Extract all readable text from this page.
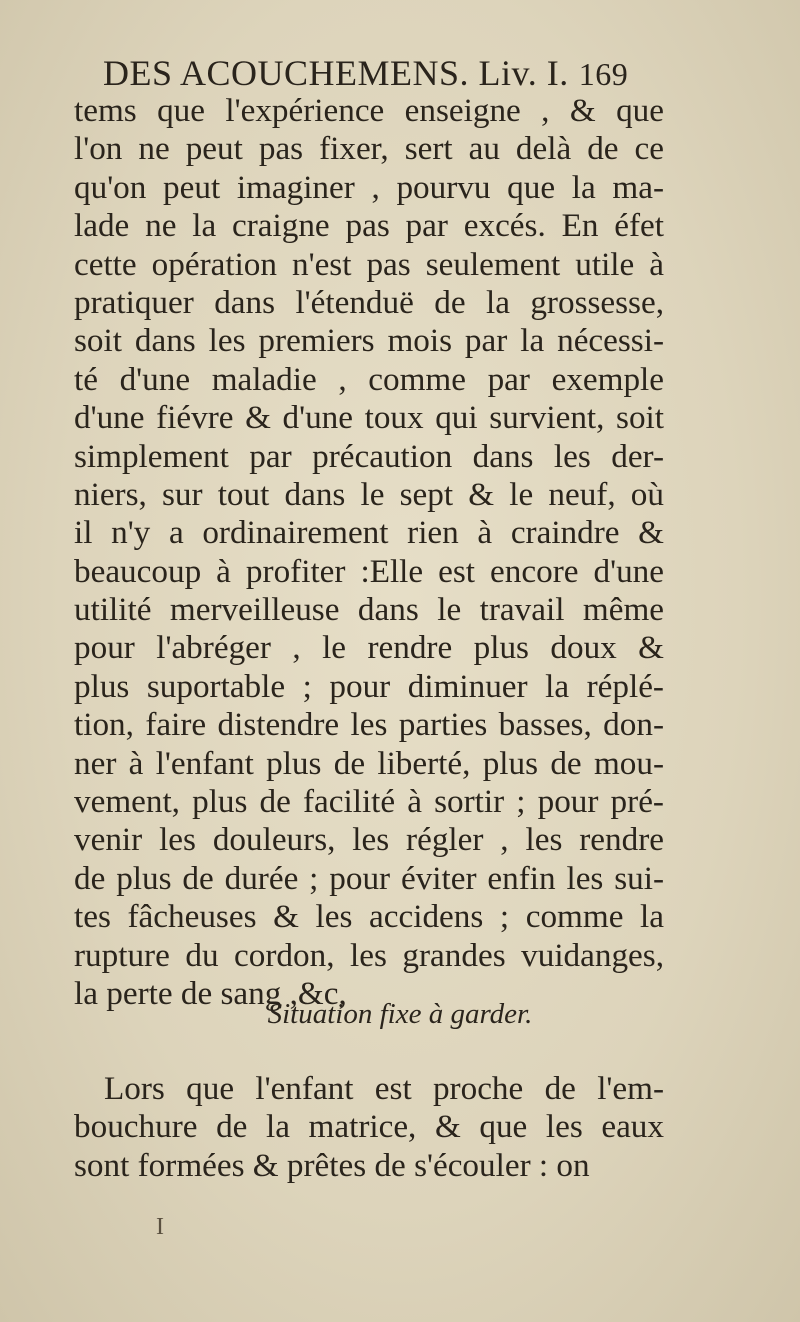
DES ACOUCHEMENS. Liv. I. 169
tems que l'expérience enseigne , & que
l'on ne peut pas fixer, sert au delà de ce
qu'on peut imaginer , pourvu que la ma-
lade ne la craigne pas par excés. En éfet
cette opération n'est pas seulement utile à
pratiquer dans l'étenduë de la grossesse,
soit dans les premiers mois par la nécessi-
té d'une maladie , comme par exemple
d'une fiévre & d'une toux qui survient, soit
simplement par précaution dans les der-
niers, sur tout dans le sept & le neuf, où
il n'y a ordinairement rien à craindre &
beaucoup à profiter :Elle est encore d'une
utilité merveilleuse dans le travail même
pour l'abréger , le rendre plus doux &
plus suportable ; pour diminuer la réplé-
tion, faire distendre les parties basses, don-
ner à l'enfant plus de liberté, plus de mou-
vement, plus de facilité à sortir ; pour pré-
venir les douleurs, les régler , les rendre
de plus de durée ; pour éviter enfin les sui-
tes fâcheuses & les accidens ; comme la
rupture du cordon, les grandes vuidanges,
la perte de sang ,&c,
Situation fixe à garder.
Lors que l'enfant est proche de l'em-
bouchure de la matrice, & que les eaux
sont formées & prêtes de s'écouler : on
I
